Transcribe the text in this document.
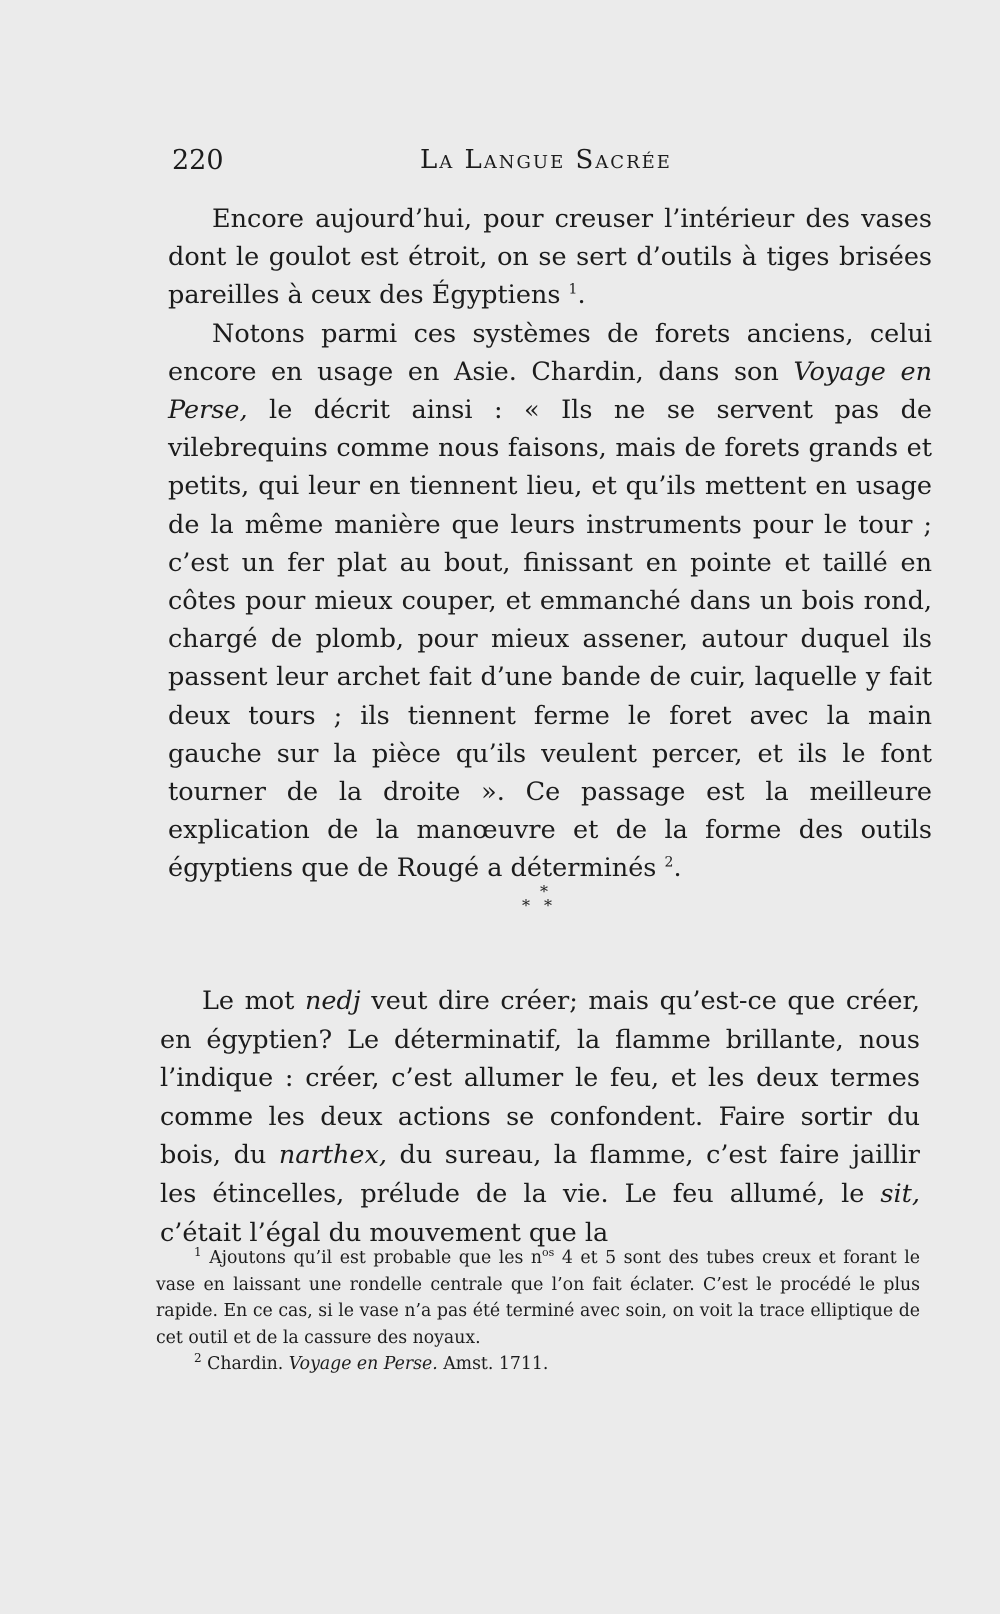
220	La Langue Sacrée

Encore aujourd’hui, pour creuser l’intérieur des vases dont le goulot est étroit, on se sert d’outils à tiges brisées pareilles à ceux des Égyptiens $^1$.

Notons parmi ces systèmes de forets anciens, celui encore en usage en Asie. Chardin, dans son Voyage en Perse, le décrit ainsi : « Ils ne se servent pas de vilebrequins comme nous faisons, mais de forets grands et petits, qui leur en tiennent lieu, et qu’ils mettent en usage de la même manière que leurs instruments pour le tour ; c’est un fer plat au bout, finissant en pointe et taillé en côtes pour mieux couper, et emmanché dans un bois rond, chargé de plomb, pour mieux assener, autour duquel ils passent leur archet fait d’une bande de cuir, laquelle y fait deux tours ; ils tiennent ferme le foret avec la main gauche sur la pièce qu’ils veulent percer, et ils le font tourner de la droite ». Ce passage est la meilleure explication de la manœuvre et de la forme des outils égyptiens que de Rougé a déterminés $^2$.

*
**

Le mot nedj veut dire créer; mais qu’est-ce que créer, en égyptien? Le déterminatif, la flamme brillante, nous l’indique : créer, c’est allumer le feu, et les deux termes comme les deux actions se confondent. Faire sortir du bois, du narthex, du sureau, la flamme, c’est faire jaillir les étincelles, prélude de la vie. Le feu allumé, le sit, c’était l’égal du mouvement que la

$^1$ Ajoutons qu’il est probable que les $n^{os}$ 4 et 5 sont des tubes creux et forant le vase en laissant une rondelle centrale que l’on fait éclater. C’est le procédé le plus rapide. En ce cas, si le vase n’a pas été terminé avec soin, on voit la trace elliptique de cet outil et de la cassure des noyaux.

$^2$ Chardin. Voyage en Perse. Amst. 1711.
